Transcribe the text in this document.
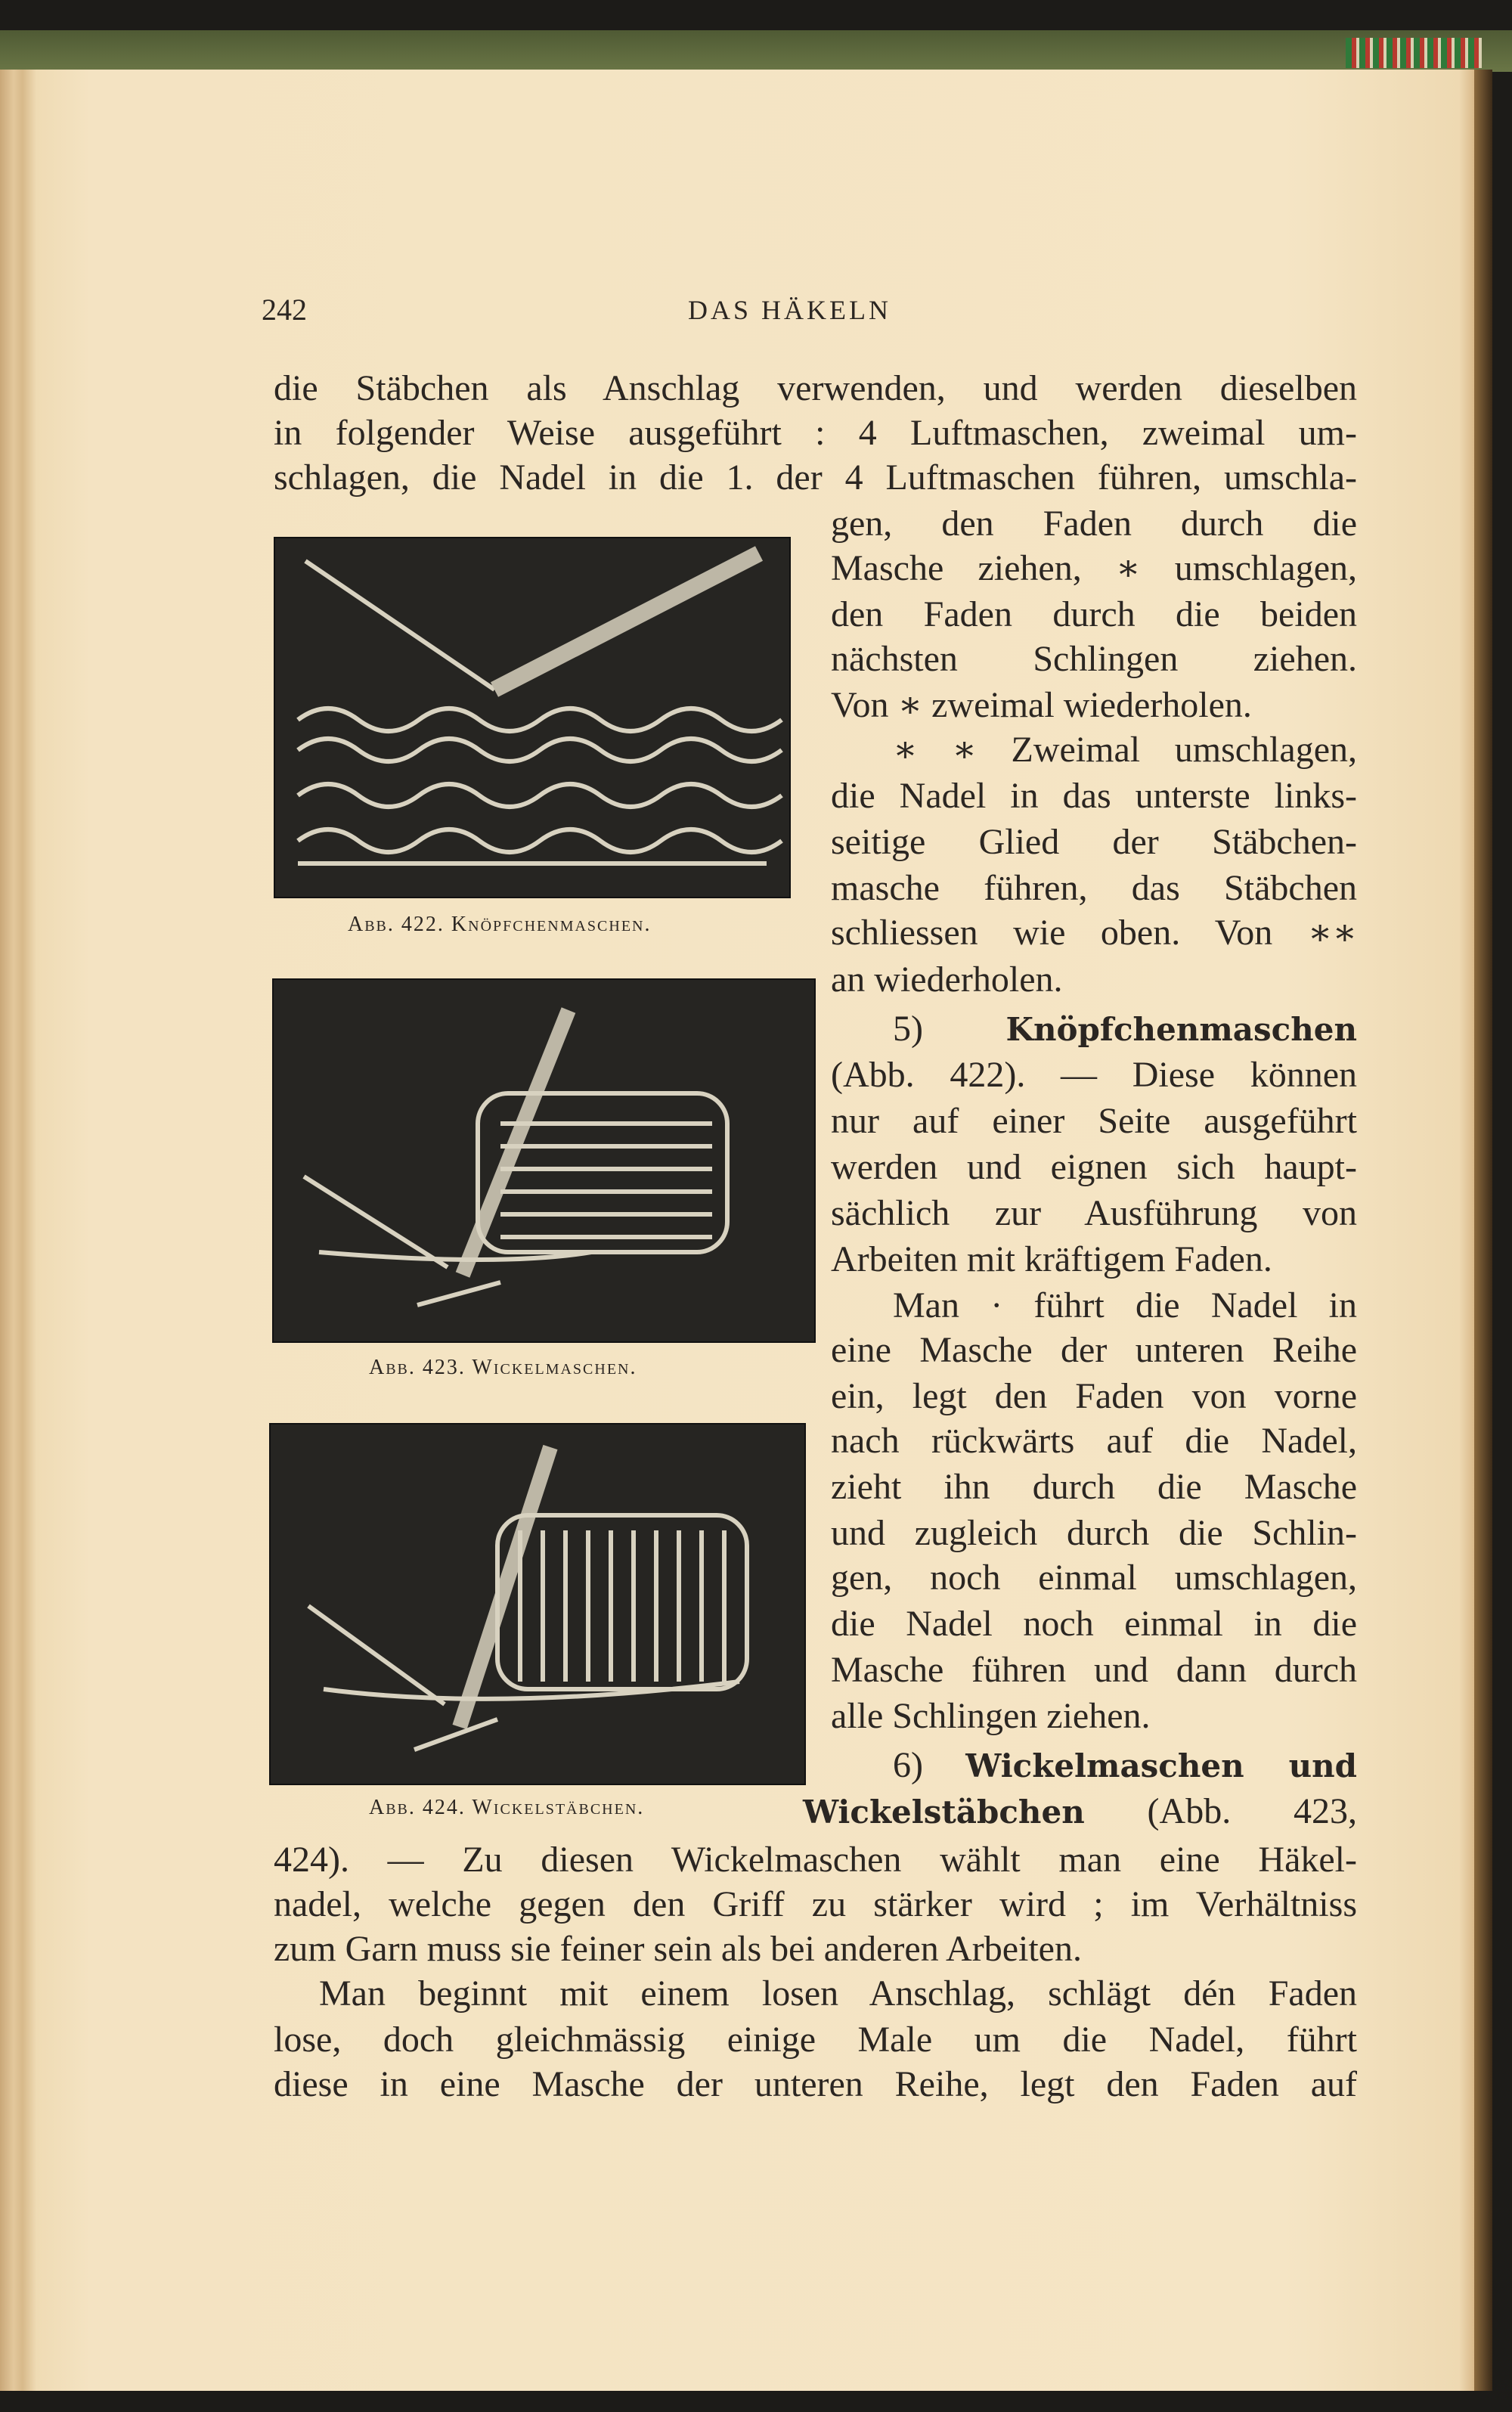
242	DAS HÄKELN
Abb. 422. Knöpfchenmaschen.
Abb. 423. Wickelmaschen.
Abb. 424. Wickelstäbchen.
die Stäbchen als Anschlag verwenden, und werden dieselben
in folgender Weise ausgeführt : 4 Luftmaschen, zweimal um-
schlagen, die Nadel in die 1. der 4 Luftmaschen führen, umschla-
gen, den Faden durch die
Masche ziehen, ∗ umschlagen,
den Faden durch die beiden
nächsten Schlingen ziehen.
Von ∗ zweimal wiederholen.
∗ ∗ Zweimal umschlagen,
die Nadel in das unterste links-
seitige Glied der Stäbchen-
masche führen, das Stäbchen
schliessen wie oben. Von ∗∗
an wiederholen.
5) Knöpfchenmaschen
(Abb. 422). — Diese können
nur auf einer Seite ausgeführt
werden und eignen sich haupt-
sächlich zur Ausführung von
Arbeiten mit kräftigem Faden.
Man · führt die Nadel in
eine Masche der unteren Reihe
ein, legt den Faden von vorne
nach rückwärts auf die Nadel,
zieht ihn durch die Masche
und zugleich durch die Schlin-
gen, noch einmal umschlagen,
die Nadel noch einmal in die
Masche führen und dann durch
alle Schlingen ziehen.
6) Wickelmaschen und
Wickelstäbchen (Abb. 423,
424). — Zu diesen Wickelmaschen wählt man eine Häkel-
nadel, welche gegen den Griff zu stärker wird ; im Verhältniss
zum Garn muss sie feiner sein als bei anderen Arbeiten.
Man beginnt mit einem losen Anschlag, schlägt dén Faden
lose, doch gleichmässig einige Male um die Nadel, führt
diese in eine Masche der unteren Reihe, legt den Faden auf
